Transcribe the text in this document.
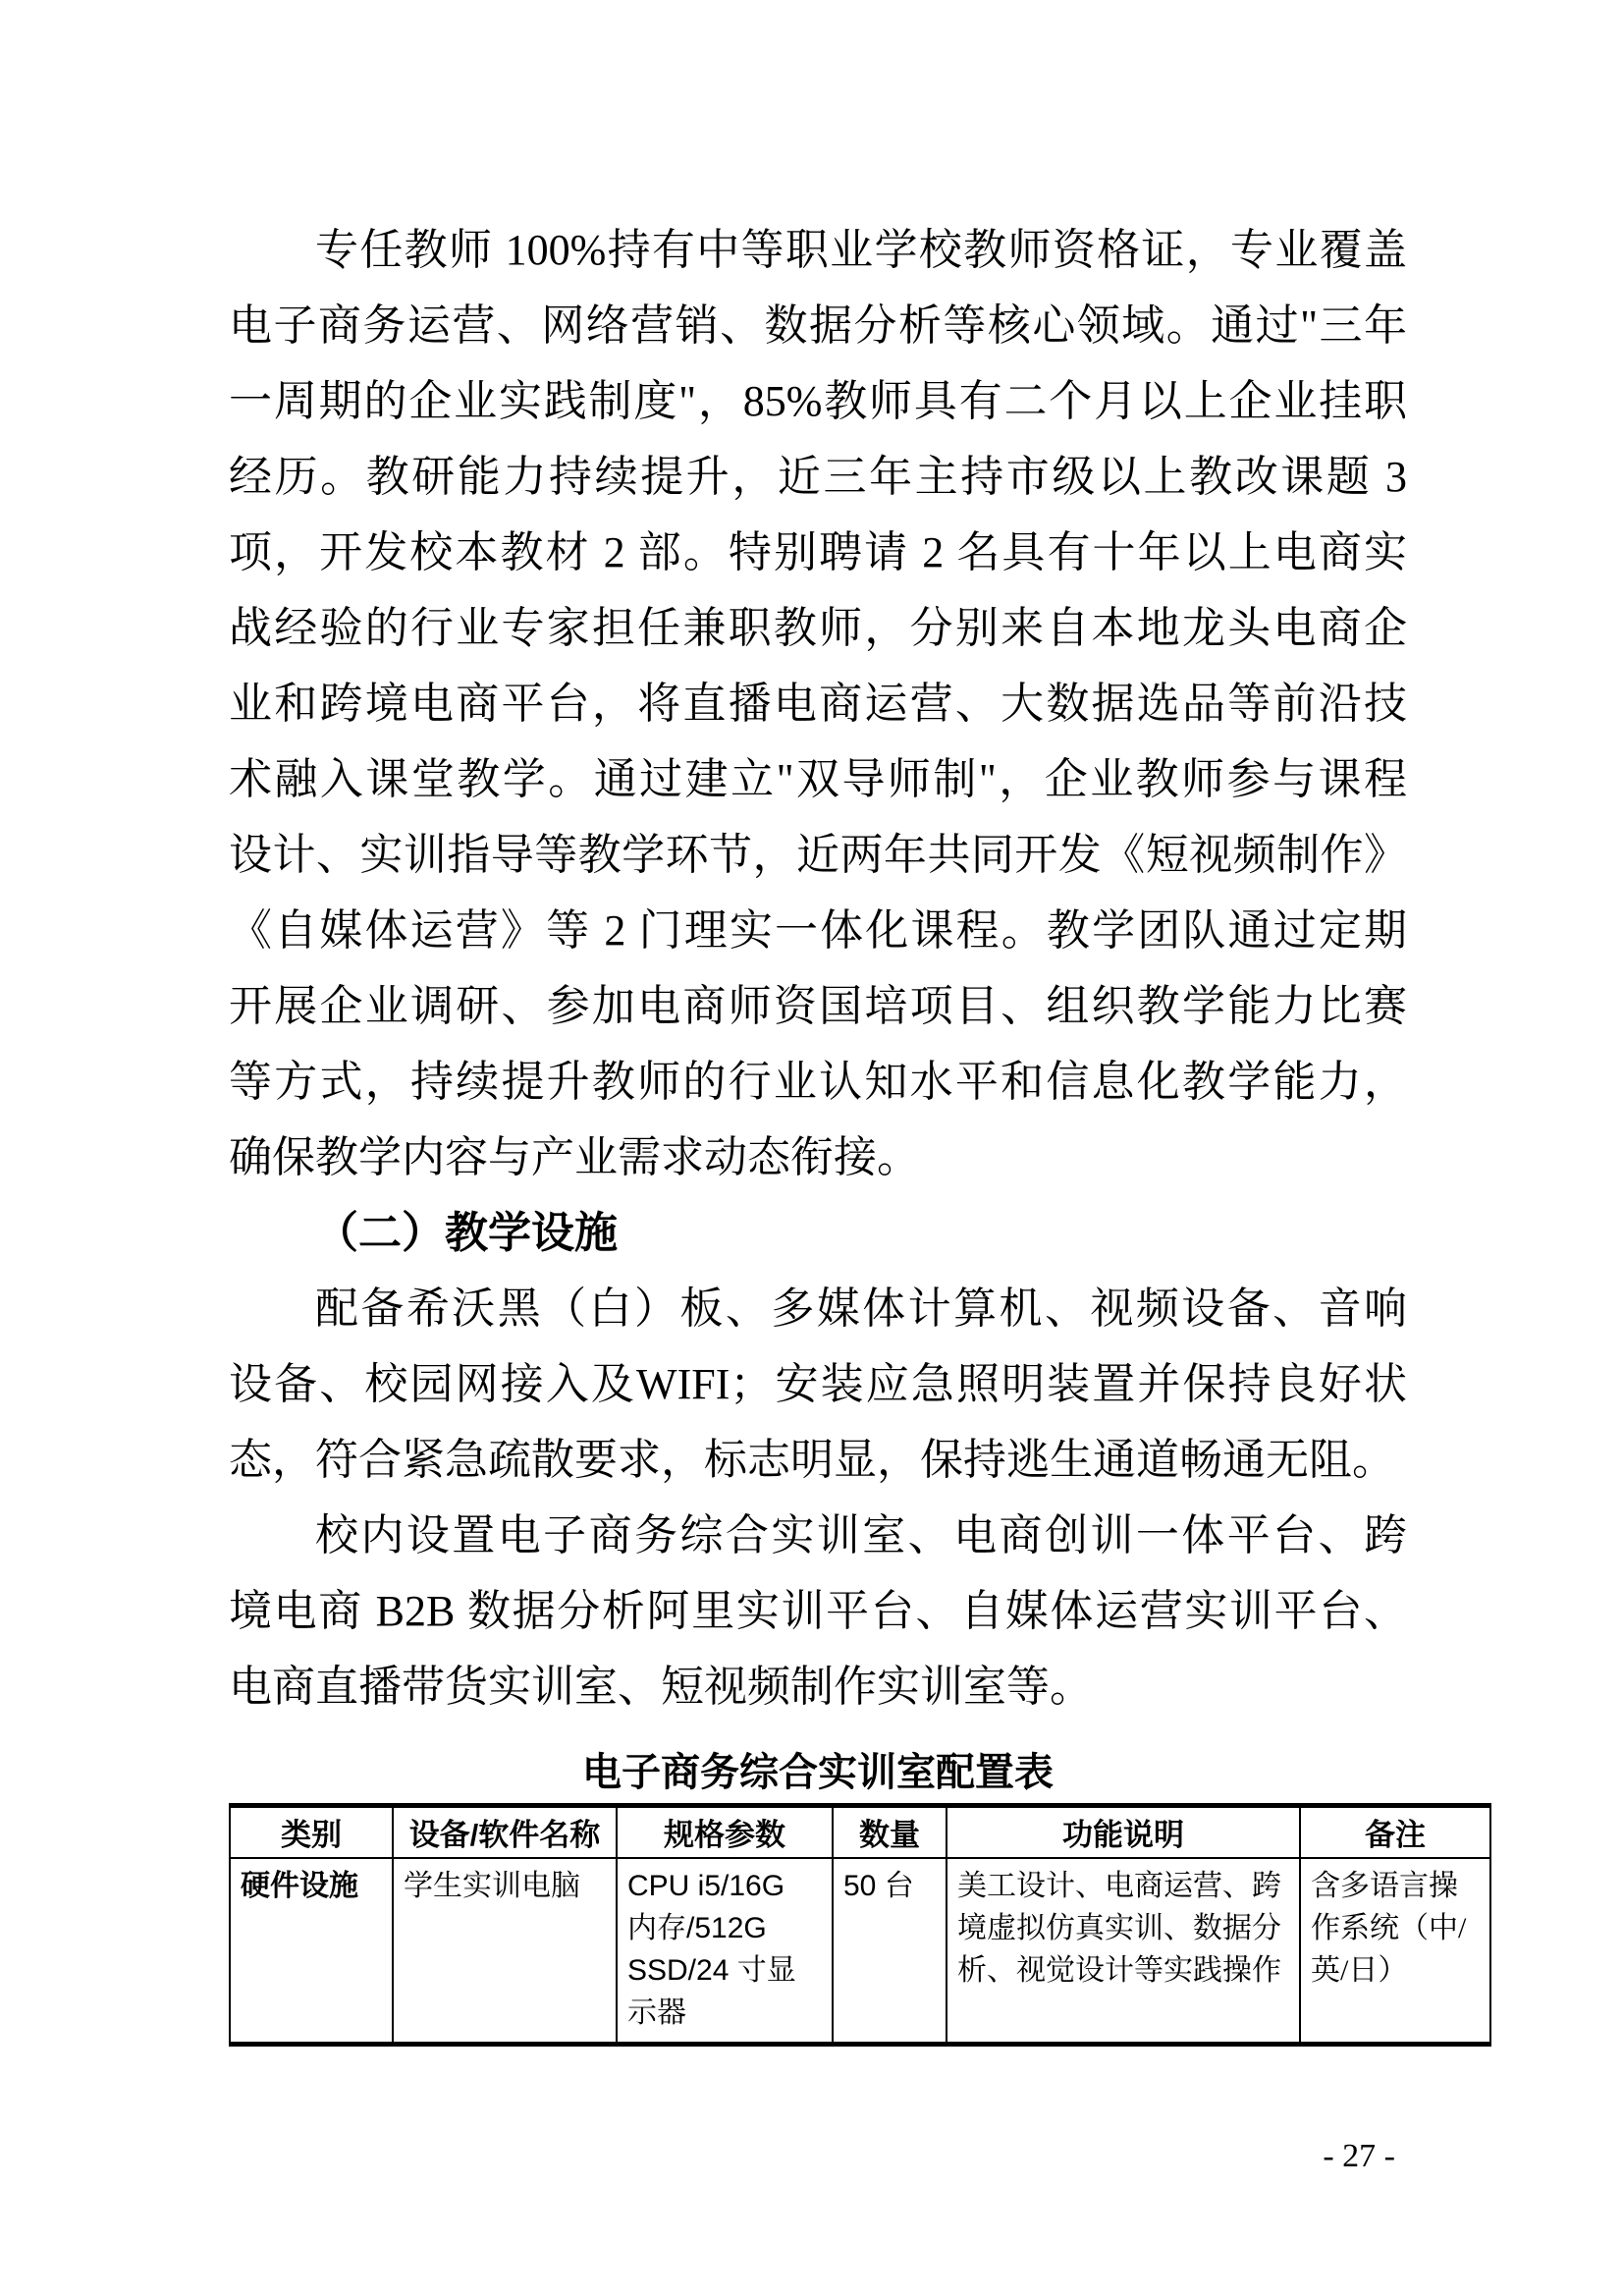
专任教师 100%持有中等职业学校教师资格证，专业覆盖
电子商务运营、网络营销、数据分析等核心领域。通过"三年
一周期的企业实践制度"，85%教师具有二个月以上企业挂职
经历。教研能力持续提升，近三年主持市级以上教改课题 3
项，开发校本教材 2 部。特别聘请 2 名具有十年以上电商实
战经验的行业专家担任兼职教师，分别来自本地龙头电商企
业和跨境电商平台，将直播电商运营、大数据选品等前沿技
术融入课堂教学。通过建立"双导师制"，企业教师参与课程
设计、实训指导等教学环节，近两年共同开发《短视频制作》
《自媒体运营》等 2 门理实一体化课程。教学团队通过定期
开展企业调研、参加电商师资国培项目、组织教学能力比赛
等方式，持续提升教师的行业认知水平和信息化教学能力，
确保教学内容与产业需求动态衔接。
（二）教学设施
配备希沃黑（白）板、多媒体计算机、视频设备、音响
设备、校园网接入及WIFI；安装应急照明装置并保持良好状
态，符合紧急疏散要求，标志明显，保持逃生通道畅通无阻。
校内设置电子商务综合实训室、电商创训一体平台、跨
境电商 B2B 数据分析阿里实训平台、自媒体运营实训平台、
电商直播带货实训室、短视频制作实训室等。
电子商务综合实训室配置表
类别	设备/软件名称	规格参数	数量	功能说明	备注
硬件设施	学生实训电脑	CPU i5/16G 内存/512G SSD/24 寸显示器	50 台	美工设计、电商运营、跨境虚拟仿真实训、数据分析、视觉设计等实践操作	含多语言操作系统（中/英/日）
- 27 -
